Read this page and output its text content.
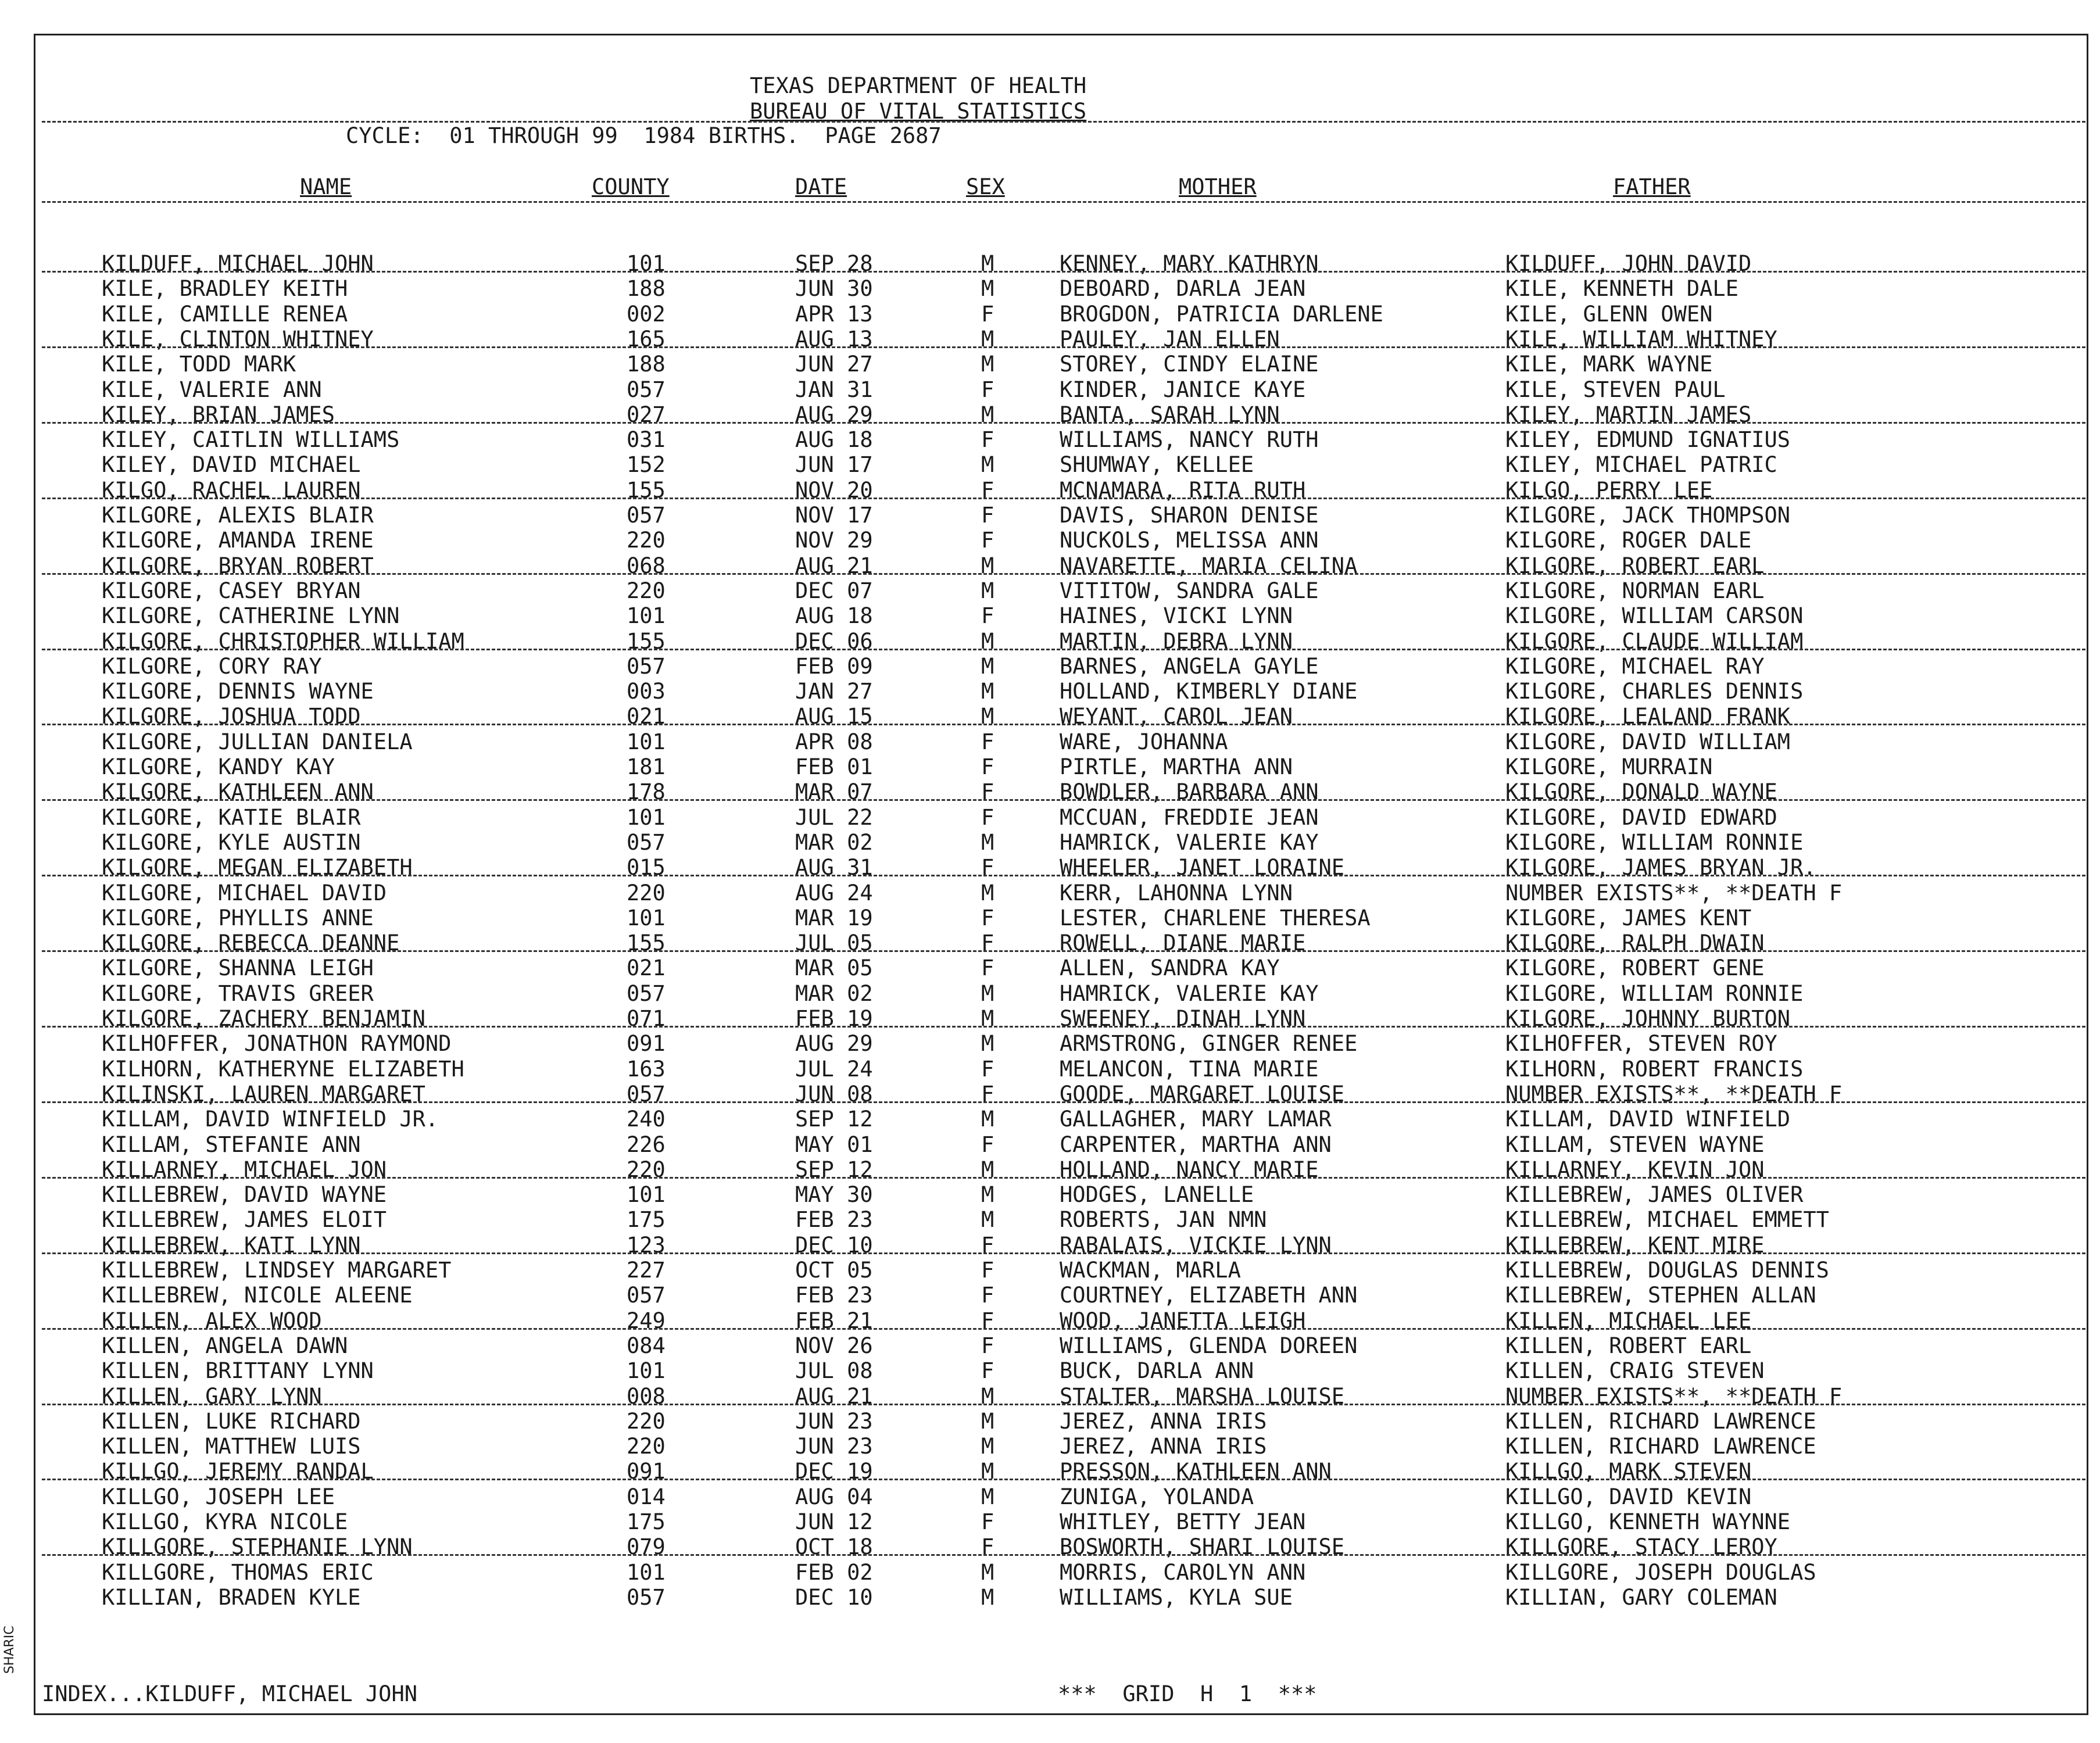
TEXAS DEPARTMENT OF HEALTH
BUREAU OF VITAL STATISTICS
CYCLE:  01 THROUGH 99  1984 BIRTHS.  PAGE 2687
NAME	COUNTY	DATE	SEX	MOTHER	FATHER
KILDUFF, MICHAEL JOHN	101	SEP 28	M	KENNEY, MARY KATHRYN	KILDUFF, JOHN DAVID
KILE, BRADLEY KEITH	188	JUN 30	M	DEBOARD, DARLA JEAN	KILE, KENNETH DALE
KILE, CAMILLE RENEA	002	APR 13	F	BROGDON, PATRICIA DARLENE	KILE, GLENN OWEN
KILE, CLINTON WHITNEY	165	AUG 13	M	PAULEY, JAN ELLEN	KILE, WILLIAM WHITNEY
KILE, TODD MARK	188	JUN 27	M	STOREY, CINDY ELAINE	KILE, MARK WAYNE
KILE, VALERIE ANN	057	JAN 31	F	KINDER, JANICE KAYE	KILE, STEVEN PAUL
KILEY, BRIAN JAMES	027	AUG 29	M	BANTA, SARAH LYNN	KILEY, MARTIN JAMES
KILEY, CAITLIN WILLIAMS	031	AUG 18	F	WILLIAMS, NANCY RUTH	KILEY, EDMUND IGNATIUS
KILEY, DAVID MICHAEL	152	JUN 17	M	SHUMWAY, KELLEE	KILEY, MICHAEL PATRIC
KILGO, RACHEL LAUREN	155	NOV 20	F	MCNAMARA, RITA RUTH	KILGO, PERRY LEE
KILGORE, ALEXIS BLAIR	057	NOV 17	F	DAVIS, SHARON DENISE	KILGORE, JACK THOMPSON
KILGORE, AMANDA IRENE	220	NOV 29	F	NUCKOLS, MELISSA ANN	KILGORE, ROGER DALE
KILGORE, BRYAN ROBERT	068	AUG 21	M	NAVARETTE, MARIA CELINA	KILGORE, ROBERT EARL
KILGORE, CASEY BRYAN	220	DEC 07	M	VITITOW, SANDRA GALE	KILGORE, NORMAN EARL
KILGORE, CATHERINE LYNN	101	AUG 18	F	HAINES, VICKI LYNN	KILGORE, WILLIAM CARSON
KILGORE, CHRISTOPHER WILLIAM	155	DEC 06	M	MARTIN, DEBRA LYNN	KILGORE, CLAUDE WILLIAM
KILGORE, CORY RAY	057	FEB 09	M	BARNES, ANGELA GAYLE	KILGORE, MICHAEL RAY
KILGORE, DENNIS WAYNE	003	JAN 27	M	HOLLAND, KIMBERLY DIANE	KILGORE, CHARLES DENNIS
KILGORE, JOSHUA TODD	021	AUG 15	M	WEYANT, CAROL JEAN	KILGORE, LEALAND FRANK
KILGORE, JULLIAN DANIELA	101	APR 08	F	WARE, JOHANNA	KILGORE, DAVID WILLIAM
KILGORE, KANDY KAY	181	FEB 01	F	PIRTLE, MARTHA ANN	KILGORE, MURRAIN
KILGORE, KATHLEEN ANN	178	MAR 07	F	BOWDLER, BARBARA ANN	KILGORE, DONALD WAYNE
KILGORE, KATIE BLAIR	101	JUL 22	F	MCCUAN, FREDDIE JEAN	KILGORE, DAVID EDWARD
KILGORE, KYLE AUSTIN	057	MAR 02	M	HAMRICK, VALERIE KAY	KILGORE, WILLIAM RONNIE
KILGORE, MEGAN ELIZABETH	015	AUG 31	F	WHEELER, JANET LORAINE	KILGORE, JAMES BRYAN JR.
KILGORE, MICHAEL DAVID	220	AUG 24	M	KERR, LAHONNA LYNN	NUMBER EXISTS**, **DEATH F
KILGORE, PHYLLIS ANNE	101	MAR 19	F	LESTER, CHARLENE THERESA	KILGORE, JAMES KENT
KILGORE, REBECCA DEANNE	155	JUL 05	F	ROWELL, DIANE MARIE	KILGORE, RALPH DWAIN
KILGORE, SHANNA LEIGH	021	MAR 05	F	ALLEN, SANDRA KAY	KILGORE, ROBERT GENE
KILGORE, TRAVIS GREER	057	MAR 02	M	HAMRICK, VALERIE KAY	KILGORE, WILLIAM RONNIE
KILGORE, ZACHERY BENJAMIN	071	FEB 19	M	SWEENEY, DINAH LYNN	KILGORE, JOHNNY BURTON
KILHOFFER, JONATHON RAYMOND	091	AUG 29	M	ARMSTRONG, GINGER RENEE	KILHOFFER, STEVEN ROY
KILHORN, KATHERYNE ELIZABETH	163	JUL 24	F	MELANCON, TINA MARIE	KILHORN, ROBERT FRANCIS
KILINSKI, LAUREN MARGARET	057	JUN 08	F	GOODE, MARGARET LOUISE	NUMBER EXISTS**, **DEATH F
KILLAM, DAVID WINFIELD JR.	240	SEP 12	M	GALLAGHER, MARY LAMAR	KILLAM, DAVID WINFIELD
KILLAM, STEFANIE ANN	226	MAY 01	F	CARPENTER, MARTHA ANN	KILLAM, STEVEN WAYNE
KILLARNEY, MICHAEL JON	220	SEP 12	M	HOLLAND, NANCY MARIE	KILLARNEY, KEVIN JON
KILLEBREW, DAVID WAYNE	101	MAY 30	M	HODGES, LANELLE	KILLEBREW, JAMES OLIVER
KILLEBREW, JAMES ELOIT	175	FEB 23	M	ROBERTS, JAN NMN	KILLEBREW, MICHAEL EMMETT
KILLEBREW, KATI LYNN	123	DEC 10	F	RABALAIS, VICKIE LYNN	KILLEBREW, KENT MIRE
KILLEBREW, LINDSEY MARGARET	227	OCT 05	F	WACKMAN, MARLA	KILLEBREW, DOUGLAS DENNIS
KILLEBREW, NICOLE ALEENE	057	FEB 23	F	COURTNEY, ELIZABETH ANN	KILLEBREW, STEPHEN ALLAN
KILLEN, ALEX WOOD	249	FEB 21	F	WOOD, JANETTA LEIGH	KILLEN, MICHAEL LEE
KILLEN, ANGELA DAWN	084	NOV 26	F	WILLIAMS, GLENDA DOREEN	KILLEN, ROBERT EARL
KILLEN, BRITTANY LYNN	101	JUL 08	F	BUCK, DARLA ANN	KILLEN, CRAIG STEVEN
KILLEN, GARY LYNN	008	AUG 21	M	STALTER, MARSHA LOUISE	NUMBER EXISTS**, **DEATH F
KILLEN, LUKE RICHARD	220	JUN 23	M	JEREZ, ANNA IRIS	KILLEN, RICHARD LAWRENCE
KILLEN, MATTHEW LUIS	220	JUN 23	M	JEREZ, ANNA IRIS	KILLEN, RICHARD LAWRENCE
KILLGO, JEREMY RANDAL	091	DEC 19	M	PRESSON, KATHLEEN ANN	KILLGO, MARK STEVEN
KILLGO, JOSEPH LEE	014	AUG 04	M	ZUNIGA, YOLANDA	KILLGO, DAVID KEVIN
KILLGO, KYRA NICOLE	175	JUN 12	F	WHITLEY, BETTY JEAN	KILLGO, KENNETH WAYNNE
KILLGORE, STEPHANIE LYNN	079	OCT 18	F	BOSWORTH, SHARI LOUISE	KILLGORE, STACY LEROY
KILLGORE, THOMAS ERIC	101	FEB 02	M	MORRIS, CAROLYN ANN	KILLGORE, JOSEPH DOUGLAS
KILLIAN, BRADEN KYLE	057	DEC 10	M	WILLIAMS, KYLA SUE	KILLIAN, GARY COLEMAN
INDEX...KILDUFF, MICHAEL JOHN	***  GRID  H  1  ***
SHARIC
